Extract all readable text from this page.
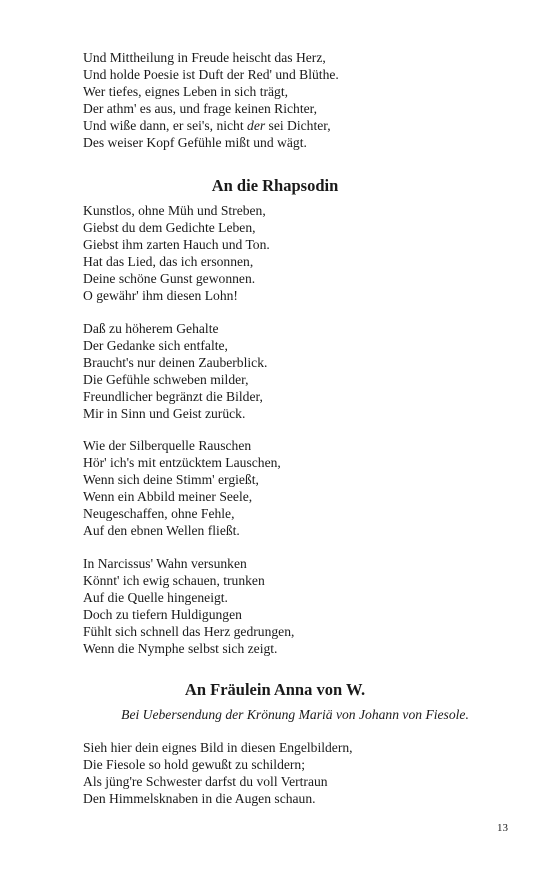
Und Mittheilung in Freude heischt das Herz,
Und holde Poesie ist Duft der Red' und Blüthe.
Wer tiefes, eignes Leben in sich trägt,
Der athm' es aus, und frage keinen Richter,
Und wiße dann, er sei's, nicht der sei Dichter,
Des weiser Kopf Gefühle mißt und wägt.
An die Rhapsodin
Kunstlos, ohne Müh und Streben,
Giebst du dem Gedichte Leben,
Giebst ihm zarten Hauch und Ton.
Hat das Lied, das ich ersonnen,
Deine schöne Gunst gewonnen.
O gewähr' ihm diesen Lohn!
Daß zu höherem Gehalte
Der Gedanke sich entfalte,
Braucht's nur deinen Zauberblick.
Die Gefühle schweben milder,
Freundlicher begränzt die Bilder,
Mir in Sinn und Geist zurück.
Wie der Silberquelle Rauschen
Hör' ich's mit entzücktem Lauschen,
Wenn sich deine Stimm' ergießt,
Wenn ein Abbild meiner Seele,
Neugeschaffen, ohne Fehle,
Auf den ebnen Wellen fließt.
In Narcissus' Wahn versunken
Könnt' ich ewig schauen, trunken
Auf die Quelle hingeneigt.
Doch zu tiefern Huldigungen
Fühlt sich schnell das Herz gedrungen,
Wenn die Nymphe selbst sich zeigt.
An Fräulein Anna von W.
Bei Uebersendung der Krönung Mariä von Johann von Fiesole.
Sieh hier dein eignes Bild in diesen Engelbildern,
Die Fiesole so hold gewußt zu schildern;
Als jüng're Schwester darfst du voll Vertraun
Den Himmelsknaben in die Augen schaun.
13
